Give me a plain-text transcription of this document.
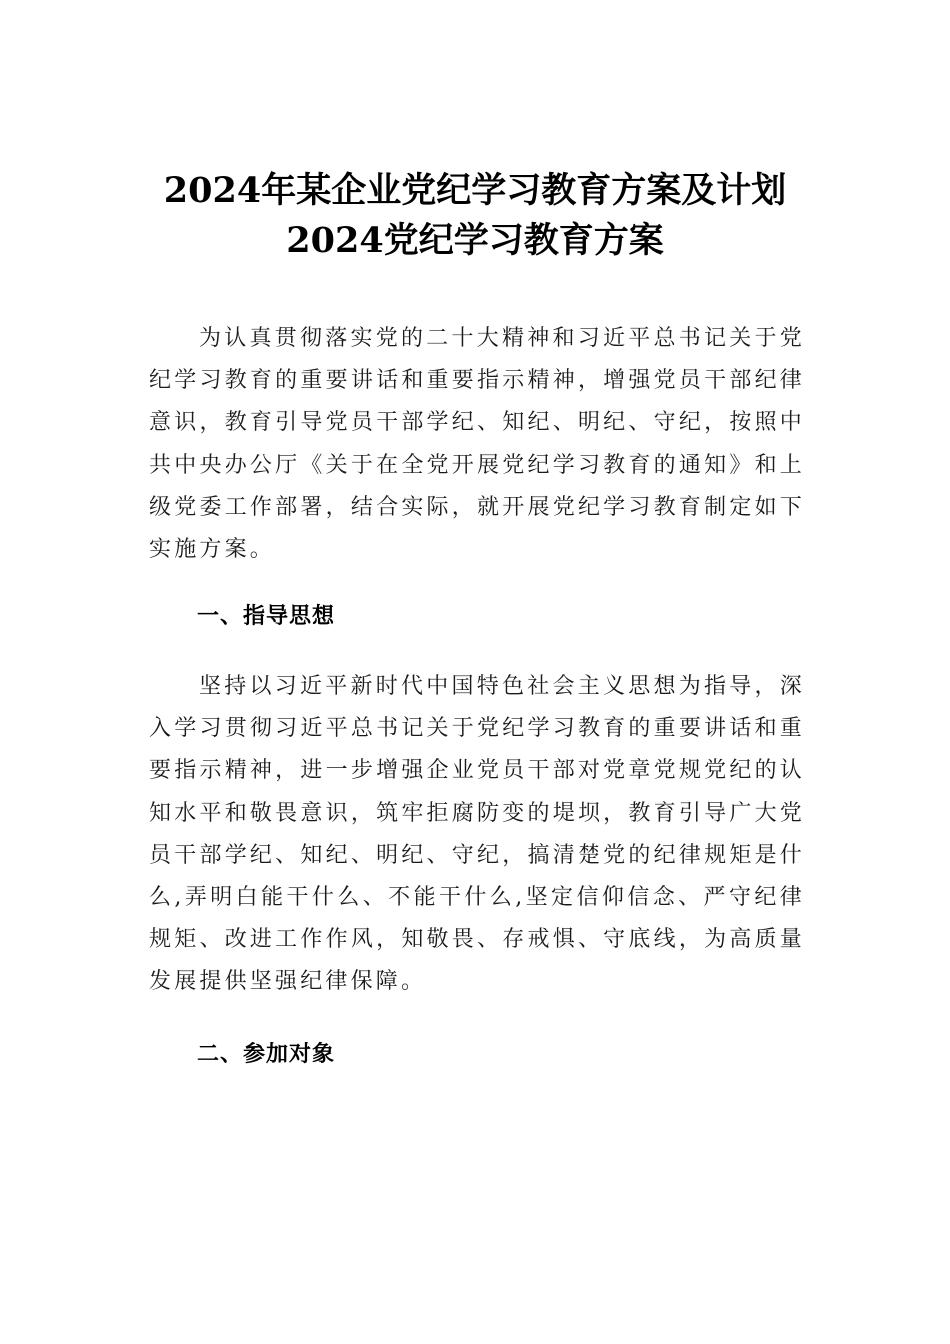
2024年某企业党纪学习教育方案及计划
2024党纪学习教育方案

为认真贯彻落实党的二十大精神和习近平总书记关于党纪学习教育的重要讲话和重要指示精神，增强党员干部纪律意识，教育引导党员干部学纪、知纪、明纪、守纪，按照中共中央办公厅《关于在全党开展党纪学习教育的通知》和上级党委工作部署，结合实际，就开展党纪学习教育制定如下实施方案。

一、指导思想

坚持以习近平新时代中国特色社会主义思想为指导，深入学习贯彻习近平总书记关于党纪学习教育的重要讲话和重要指示精神，进一步增强企业党员干部对党章党规党纪的认知水平和敬畏意识，筑牢拒腐防变的堤坝，教育引导广大党员干部学纪、知纪、明纪、守纪，搞清楚党的纪律规矩是什么,弄明白能干什么、不能干什么,坚定信仰信念、严守纪律规矩、改进工作作风，知敬畏、存戒惧、守底线，为高质量发展提供坚强纪律保障。

二、参加对象
